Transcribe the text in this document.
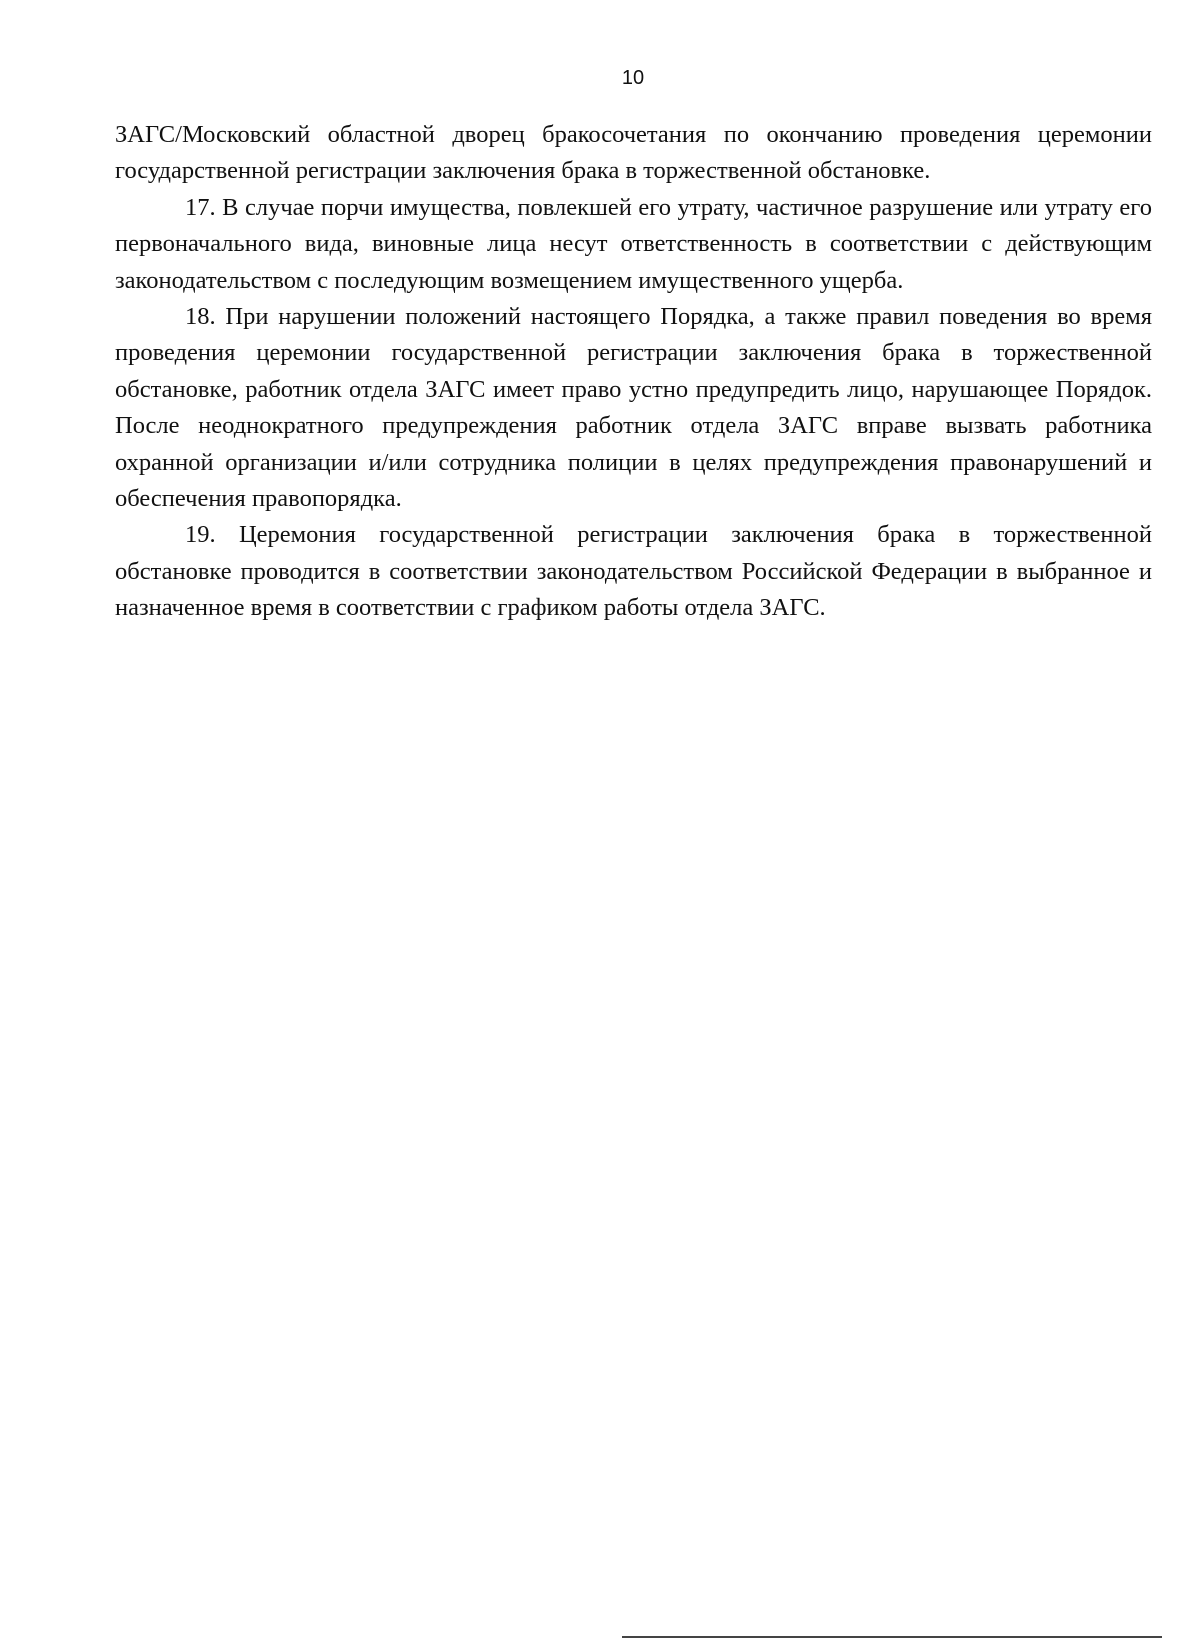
10

ЗАГС/Московский областной дворец бракосочетания по окончанию проведения церемонии государственной регистрации заключения брака в торжественной обстановке.

17. В случае порчи имущества, повлекшей его утрату, частичное разрушение или утрату его первоначального вида, виновные лица несут ответственность в соответствии с действующим законодательством с последующим возмещением имущественного ущерба.

18. При нарушении положений настоящего Порядка, а также правил поведения во время проведения церемонии государственной регистрации заключения брака в торжественной обстановке, работник отдела ЗАГС имеет право устно предупредить лицо, нарушающее Порядок. После неоднократного предупреждения работник отдела ЗАГС вправе вызвать работника охранной организации и/или сотрудника полиции в целях предупреждения правонарушений и обеспечения правопорядка.

19. Церемония государственной регистрации заключения брака в торжественной обстановке проводится в соответствии законодательством Российской Федерации в выбранное и назначенное время в соответствии с графиком работы отдела ЗАГС.
